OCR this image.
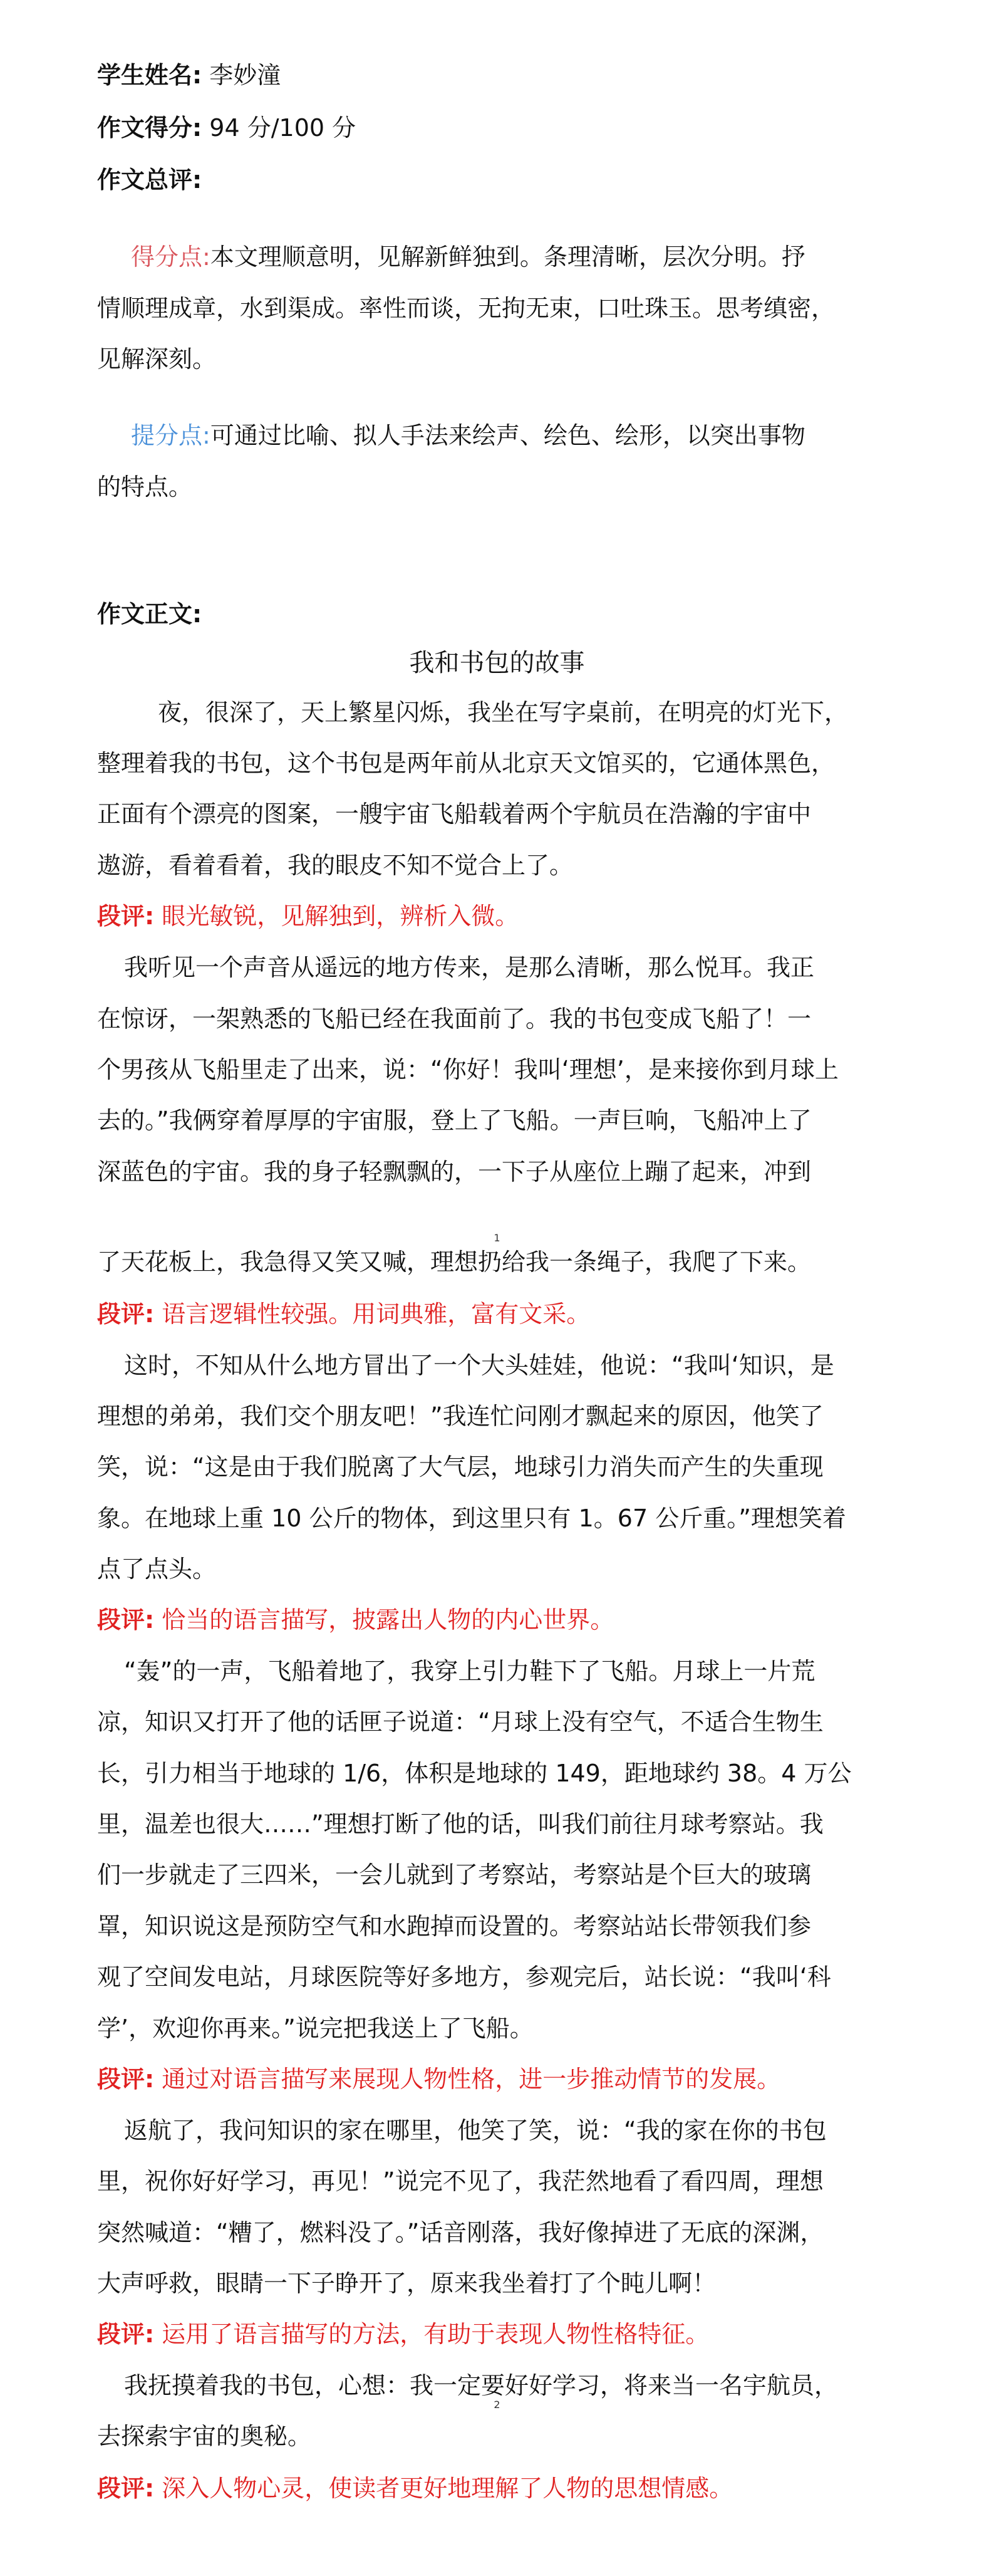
学生姓名: 李妙潼
作文得分: 94 分/100 分
作文总评:
得分点:本文理顺意明，见解新鲜独到。条理清晰，层次分明。抒
情顺理成章，水到渠成。率性而谈，无拘无束，口吐珠玉。思考缜密，
见解深刻。
提分点:可通过比喻、拟人手法来绘声、绘色、绘形，以突出事物
的特点。
作文正文:
我和书包的故事
夜，很深了，天上繁星闪烁，我坐在写字桌前，在明亮的灯光下，
整理着我的书包，这个书包是两年前从北京天文馆买的，它通体黑色，
正面有个漂亮的图案，一艘宇宙飞船载着两个宇航员在浩瀚的宇宙中
遨游，看着看着，我的眼皮不知不觉合上了。
段评: 眼光敏锐，见解独到，辨析入微。
我听见一个声音从遥远的地方传来，是那么清晰，那么悦耳。我正
在惊讶，一架熟悉的飞船已经在我面前了。我的书包变成飞船了！一
个男孩从飞船里走了出来，说：“你好！我叫‘理想’，是来接你到月球上
去的。”我俩穿着厚厚的宇宙服，登上了飞船。一声巨响，飞船冲上了
深蓝色的宇宙。我的身子轻飘飘的，一下子从座位上蹦了起来，冲到
1
了天花板上，我急得又笑又喊，理想扔给我一条绳子，我爬了下来。
段评: 语言逻辑性较强。用词典雅，富有文采。
这时，不知从什么地方冒出了一个大头娃娃，他说：“我叫‘知识，是
理想的弟弟，我们交个朋友吧！”我连忙问刚才飘起来的原因，他笑了
笑，说：“这是由于我们脱离了大气层，地球引力消失而产生的失重现
象。在地球上重 10 公斤的物体，到这里只有 1。67 公斤重。”理想笑着
点了点头。
段评: 恰当的语言描写，披露出人物的内心世界。
“轰”的一声，飞船着地了，我穿上引力鞋下了飞船。月球上一片荒
凉，知识又打开了他的话匣子说道：“月球上没有空气，不适合生物生
长，引力相当于地球的 1/6，体积是地球的 149，距地球约 38。4 万公
里，温差也很大……”理想打断了他的话，叫我们前往月球考察站。我
们一步就走了三四米，一会儿就到了考察站，考察站是个巨大的玻璃
罩，知识说这是预防空气和水跑掉而设置的。考察站站长带领我们参
观了空间发电站，月球医院等好多地方，参观完后，站长说：“我叫‘科
学’，欢迎你再来。”说完把我送上了飞船。
段评: 通过对语言描写来展现人物性格，进一步推动情节的发展。
返航了，我问知识的家在哪里，他笑了笑，说：“我的家在你的书包
里，祝你好好学习，再见！”说完不见了，我茫然地看了看四周，理想
突然喊道：“糟了，燃料没了。”话音刚落，我好像掉进了无底的深渊，
大声呼救，眼睛一下子睁开了，原来我坐着打了个盹儿啊！
段评: 运用了语言描写的方法，有助于表现人物性格特征。
我抚摸着我的书包，心想：我一定要好好学习，将来当一名宇航员，
去探索宇宙的奥秘。
2
段评: 深入人物心灵，使读者更好地理解了人物的思想情感。
